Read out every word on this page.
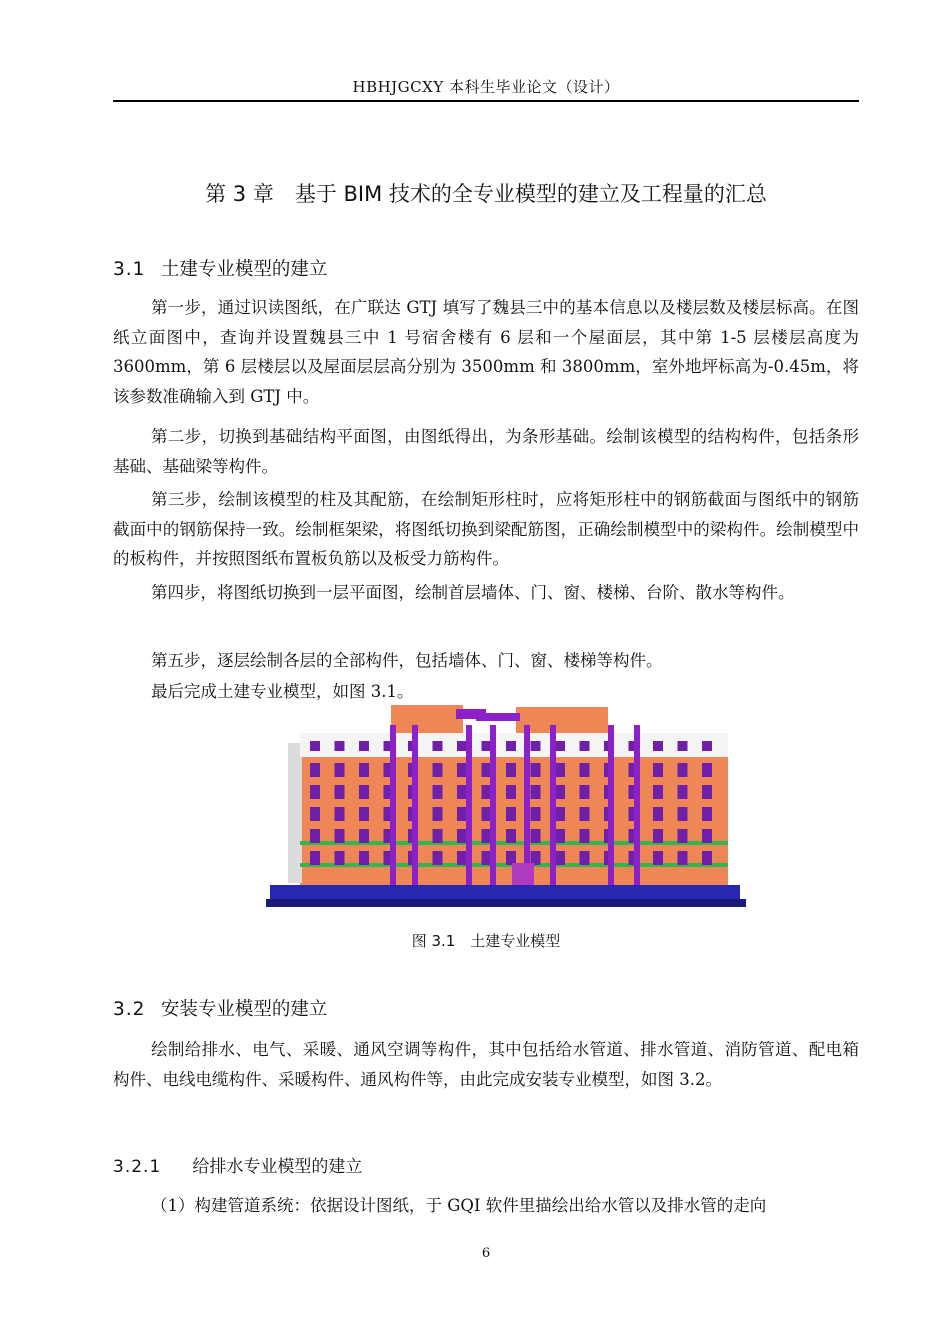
HBHJGCXY 本科生毕业论文（设计）
第 3 章　基于 BIM 技术的全专业模型的建立及工程量的汇总
3.1 土建专业模型的建立

第一步，通过识读图纸，在广联达 GTJ 填写了魏县三中的基本信息以及楼层数及楼层标高。在图纸立面图中，查询并设置魏县三中 1 号宿舍楼有 6 层和一个屋面层，其中第 1-5 层楼层高度为 3600mm，第 6 层楼层以及屋面层层高分别为 3500mm 和 3800mm，室外地坪标高为-0.45m，将该参数准确输入到 GTJ 中。

第二步，切换到基础结构平面图，由图纸得出，为条形基础。绘制该模型的结构构件，包括条形基础、基础梁等构件。

第三步，绘制该模型的柱及其配筋，在绘制矩形柱时，应将矩形柱中的钢筋截面与图纸中的钢筋截面中的钢筋保持一致。绘制框架梁，将图纸切换到梁配筋图，正确绘制模型中的梁构件。绘制模型中的板构件，并按照图纸布置板负筋以及板受力筋构件。

第四步，将图纸切换到一层平面图，绘制首层墙体、门、窗、楼梯、台阶、散水等构件。

第五步，逐层绘制各层的全部构件，包括墙体、门、窗、楼梯等构件。

最后完成土建专业模型，如图 3.1。

图 3.1　土建专业模型
3.2 安装专业模型的建立

绘制给排水、电气、采暖、通风空调等构件，其中包括给水管道、排水管道、消防管道、配电箱构件、电线电缆构件、采暖构件、通风构件等，由此完成安装专业模型，如图 3.2。

3.2.1 给排水专业模型的建立

（1）构建管道系统：依据设计图纸，于 GQI 软件里描绘出给水管以及排水管的走向

6
